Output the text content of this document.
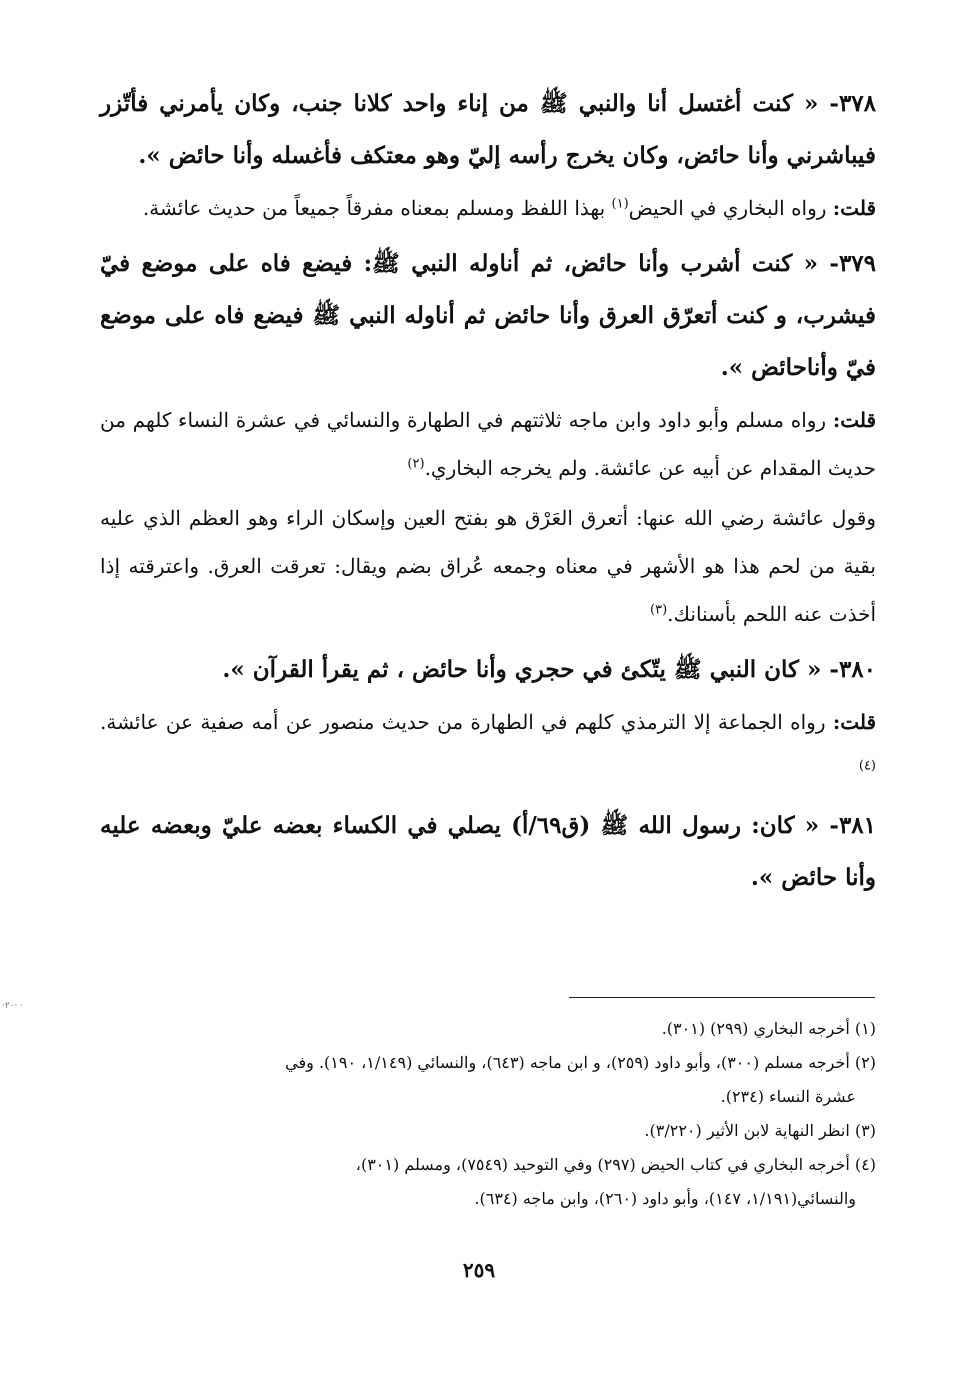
٣٧٨- « كنت أغتسل أنا والنبي ﷺ من إناء واحد كلانا جنب، وكان يأمرني فأتّزر فيباشرني وأنا حائض، وكان يخرج رأسه إليّ وهو معتكف فأغسله وأنا حائض ».

قلت: رواه البخاري في الحيض$^{(١)}$ بهذا اللفظ ومسلم بمعناه مفرقاً جميعاً من حديث عائشة.

٣٧٩- « كنت أشرب وأنا حائض، ثم أناوله النبي ﷺ: فيضع فاه على موضع فيّ فيشرب، و كنت أتعرّق العرق وأنا حائض ثم أناوله النبي ﷺ فيضع فاه على موضع فيّ وأناحائض ».

قلت: رواه مسلم وأبو داود وابن ماجه ثلاثتهم في الطهارة والنسائي في عشرة النساء كلهم من حديث المقدام عن أبيه عن عائشة. ولم يخرجه البخاري.$^{(٢)}$

وقول عائشة رضي الله عنها: أتعرق العَرْق هو بفتح العين وإسكان الراء وهو العظم الذي عليه بقية من لحم هذا هو الأشهر في معناه وجمعه عُراق بضم ويقال: تعرقت العرق. واعترقته إذا أخذت عنه اللحم بأسنانك.$^{(٣)}$

٣٨٠- « كان النبي ﷺ يتّكئ في حجري وأنا حائض ، ثم يقرأ القرآن ».

قلت: رواه الجماعة إلا الترمذي كلهم في الطهارة من حديث منصور عن أمه صفية عن عائشة.$^{(٤)}$

٣٨١- « كان: رسول الله ﷺ (ق٦٩/أ) يصلي في الكساء بعضه عليّ وبعضه عليه وأنا حائض ».

(١) أخرجه البخاري (٢٩٩) (٣٠١).

(٢) أخرجه مسلم (٣٠٠)، وأبو داود (٢٥٩)، و ابن ماجه (٦٤٣)، والنسائي (١/١٤٩، ١٩٠). وفي

عشرة النساء (٢٣٤).

(٣) انظر النهاية لابن الأثير (٣/٢٢٠).

(٤) أخرجه البخاري في كتاب الحيض (٢٩٧) وفي التوحيد (٧٥٤٩)، ومسلم (٣٠١)،

والنسائي(١/١٩١، ١٤٧)، وأبو داود (٢٦٠)، وابن ماجه (٦٣٤).

٢٥٩
· ·‎٢٠·
